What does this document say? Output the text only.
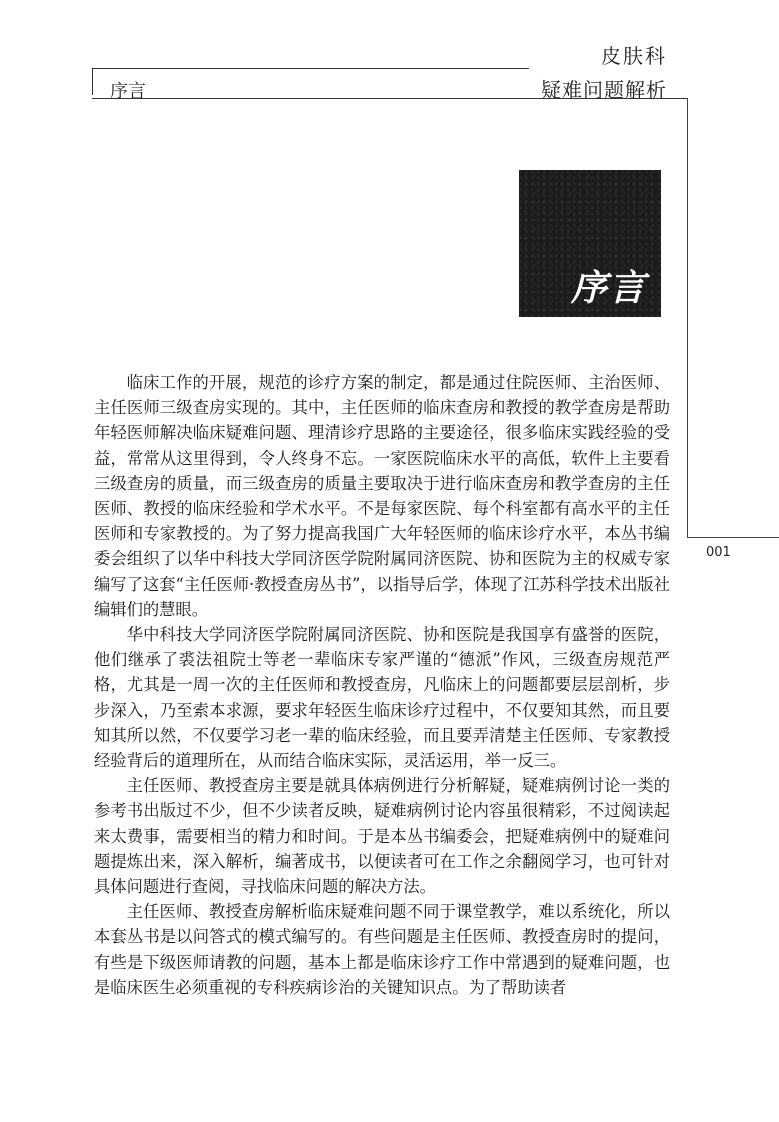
皮肤科
序言	疑难问题解析
001
序言

临床工作的开展，规范的诊疗方案的制定，都是通过住院医师、主治医师、主任医师三级查房实现的。其中，主任医师的临床查房和教授的教学查房是帮助年轻医师解决临床疑难问题、理清诊疗思路的主要途径，很多临床实践经验的受益，常常从这里得到，令人终身不忘。一家医院临床水平的高低，软件上主要看三级查房的质量，而三级查房的质量主要取决于进行临床查房和教学查房的主任医师、教授的临床经验和学术水平。不是每家医院、每个科室都有高水平的主任医师和专家教授的。为了努力提高我国广大年轻医师的临床诊疗水平，本丛书编委会组织了以华中科技大学同济医学院附属同济医院、协和医院为主的权威专家编写了这套“主任医师·教授查房丛书”，以指导后学，体现了江苏科学技术出版社编辑们的慧眼。

华中科技大学同济医学院附属同济医院、协和医院是我国享有盛誉的医院，他们继承了裘法祖院士等老一辈临床专家严谨的“德派”作风，三级查房规范严格，尤其是一周一次的主任医师和教授查房，凡临床上的问题都要层层剖析，步步深入，乃至索本求源，要求年轻医生临床诊疗过程中，不仅要知其然，而且要知其所以然，不仅要学习老一辈的临床经验，而且要弄清楚主任医师、专家教授经验背后的道理所在，从而结合临床实际，灵活运用，举一反三。

主任医师、教授查房主要是就具体病例进行分析解疑，疑难病例讨论一类的参考书出版过不少，但不少读者反映，疑难病例讨论内容虽很精彩，不过阅读起来太费事，需要相当的精力和时间。于是本丛书编委会，把疑难病例中的疑难问题提炼出来，深入解析，编著成书，以便读者可在工作之余翻阅学习，也可针对具体问题进行查阅，寻找临床问题的解决方法。

主任医师、教授查房解析临床疑难问题不同于课堂教学，难以系统化，所以本套丛书是以问答式的模式编写的。有些问题是主任医师、教授查房时的提问，有些是下级医师请教的问题，基本上都是临床诊疗工作中常遇到的疑难问题，也是临床医生必须重视的专科疾病诊治的关键知识点。为了帮助读者
